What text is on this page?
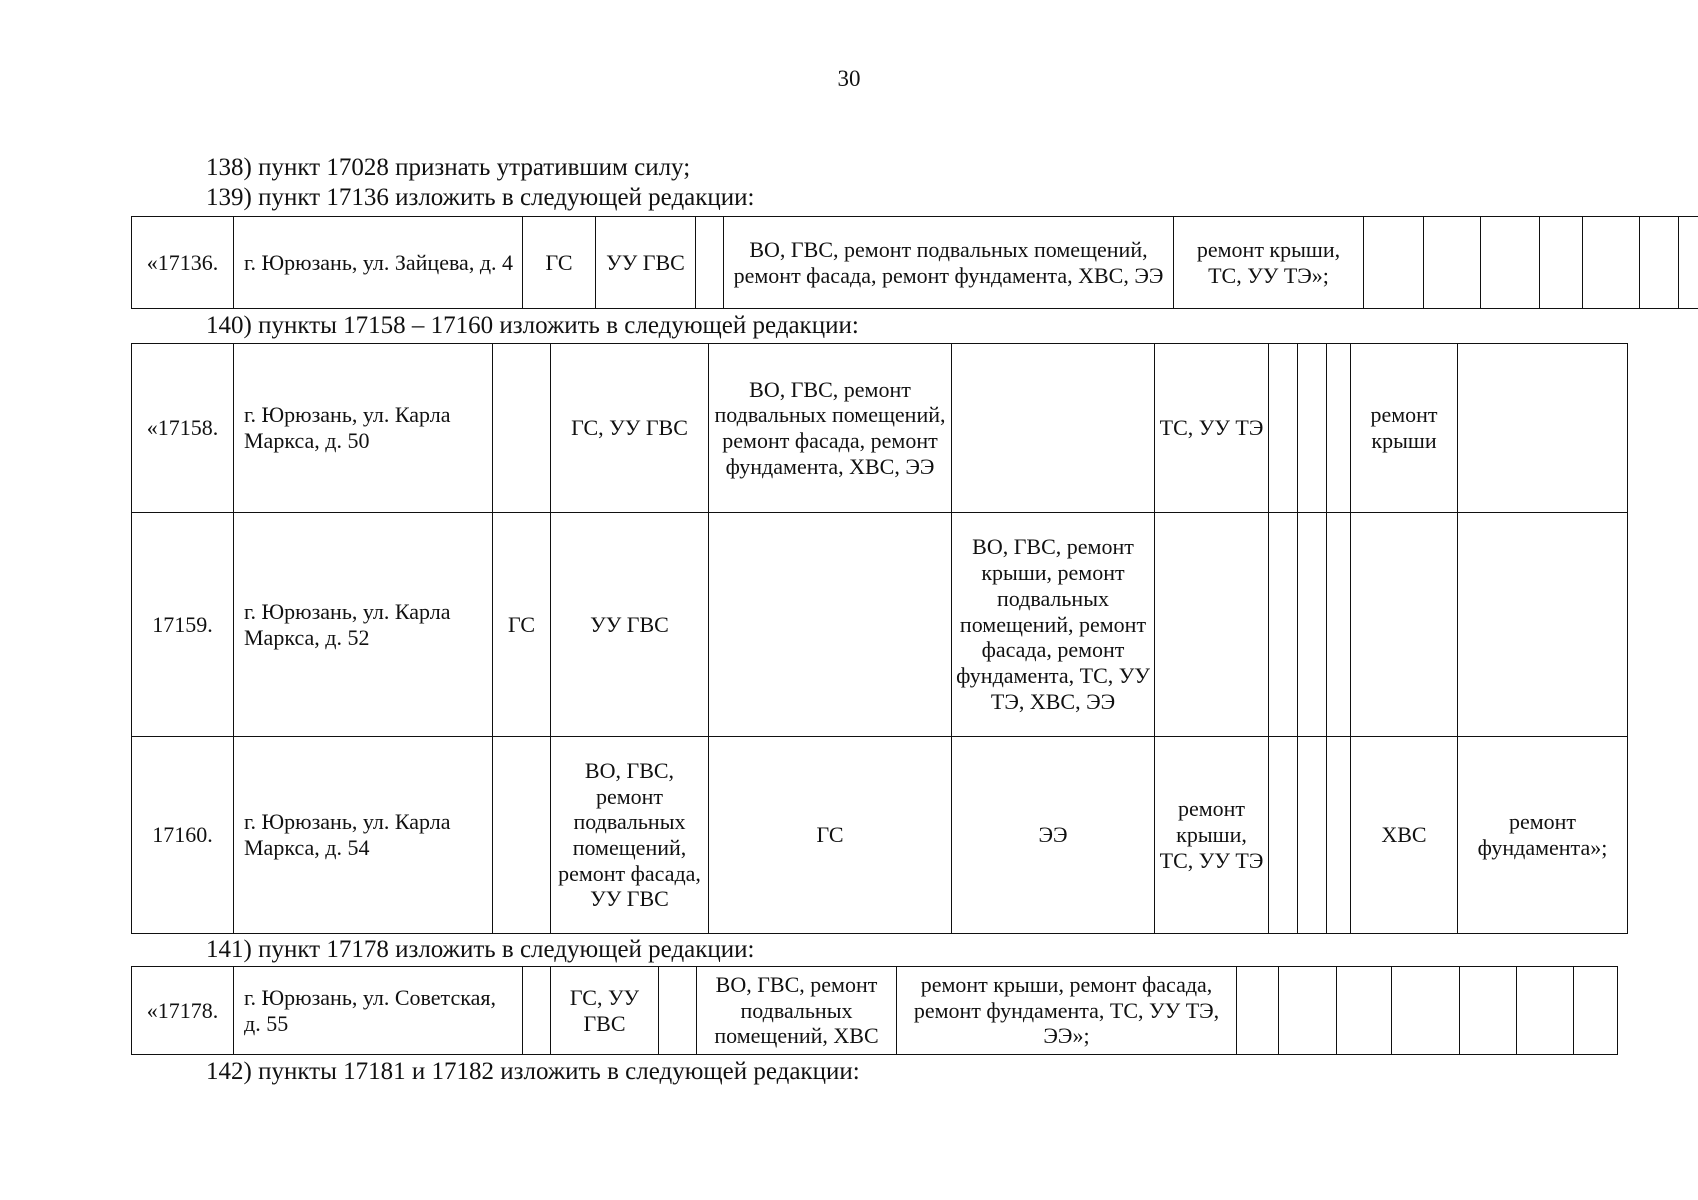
30
138) пункт 17028 признать утратившим силу;
139) пункт 17136 изложить в следующей редакции:
«17136.	г. Юрюзань, ул. Зайцева, д. 4	ГС	УУ ГВС		ВО, ГВС, ремонт подвальных помещений, ремонт фасада, ремонт фундамента, ХВС, ЭЭ	ремонт крыши, ТС, УУ ТЭ»;							
140) пункты 17158 – 17160 изложить в следующей редакции:
«17158.	г. Юрюзань, ул. Карла Маркса, д. 50		ГС, УУ ГВС	ВО, ГВС, ремонт подвальных помещений, ремонт фасада, ремонт фундамента, ХВС, ЭЭ		ТС, УУ ТЭ				ремонт крыши	
17159.	г. Юрюзань, ул. Карла Маркса, д. 52	ГС	УУ ГВС		ВО, ГВС, ремонт крыши, ремонт подвальных помещений, ремонт фасада, ремонт фундамента, ТС, УУ ТЭ, ХВС, ЭЭ						
17160.	г. Юрюзань, ул. Карла Маркса, д. 54		ВО, ГВС, ремонт подвальных помещений, ремонт фасада, УУ ГВС	ГС	ЭЭ	ремонт крыши, ТС, УУ ТЭ				ХВС	ремонт фундамента»;
141) пункт 17178 изложить в следующей редакции:
«17178.	г. Юрюзань, ул. Советская, д. 55		ГС, УУ ГВС		ВО, ГВС, ремонт подвальных помещений, ХВС	ремонт крыши, ремонт фасада, ремонт фундамента, ТС, УУ ТЭ, ЭЭ»;							
142) пункты 17181 и 17182 изложить в следующей редакции:
